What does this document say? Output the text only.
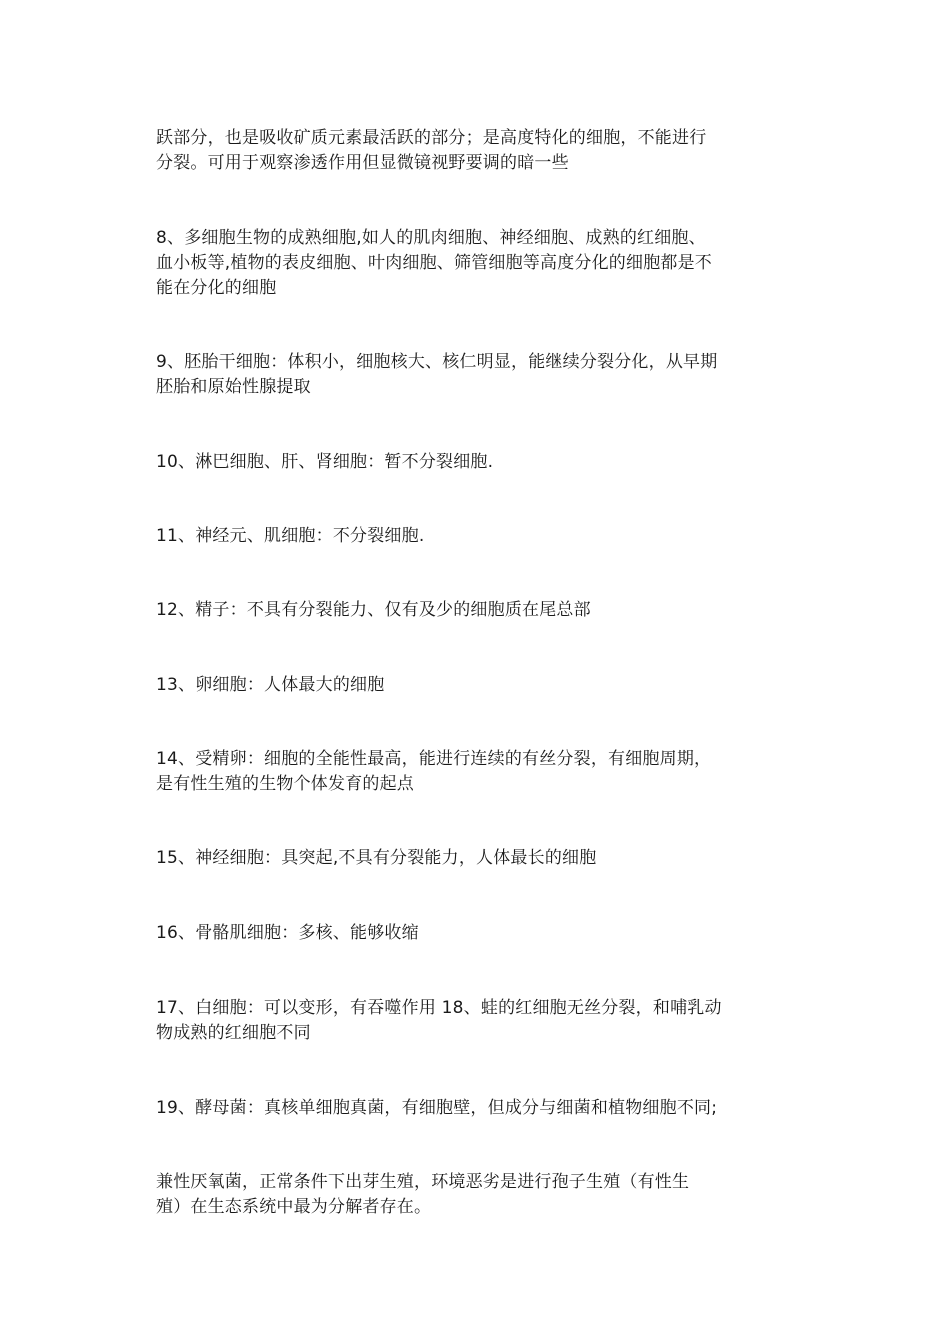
跃部分，也是吸收矿质元素最活跃的部分；是高度特化的细胞，不能进行
分裂。可用于观察渗透作用但显微镜视野要调的暗一些

8、多细胞生物的成熟细胞,如人的肌肉细胞、神经细胞、成熟的红细胞、
血小板等,植物的表皮细胞、叶肉细胞、筛管细胞等高度分化的细胞都是不
能在分化的细胞

9、胚胎干细胞：体积小，细胞核大、核仁明显，能继续分裂分化，从早期
胚胎和原始性腺提取

10、淋巴细胞、肝、肾细胞：暂不分裂细胞.

11、神经元、肌细胞：不分裂细胞.

12、精子：不具有分裂能力、仅有及少的细胞质在尾总部

13、卵细胞：人体最大的细胞

14、受精卵：细胞的全能性最高，能进行连续的有丝分裂，有细胞周期，
是有性生殖的生物个体发育的起点

15、神经细胞：具突起,不具有分裂能力，人体最长的细胞

16、骨骼肌细胞：多核、能够收缩

17、白细胞：可以变形，有吞噬作用 18、蛙的红细胞无丝分裂，和哺乳动
物成熟的红细胞不同

19、酵母菌：真核单细胞真菌，有细胞壁，但成分与细菌和植物细胞不同;

兼性厌氧菌，正常条件下出芽生殖，环境恶劣是进行孢子生殖（有性生
殖）在生态系统中最为分解者存在。
